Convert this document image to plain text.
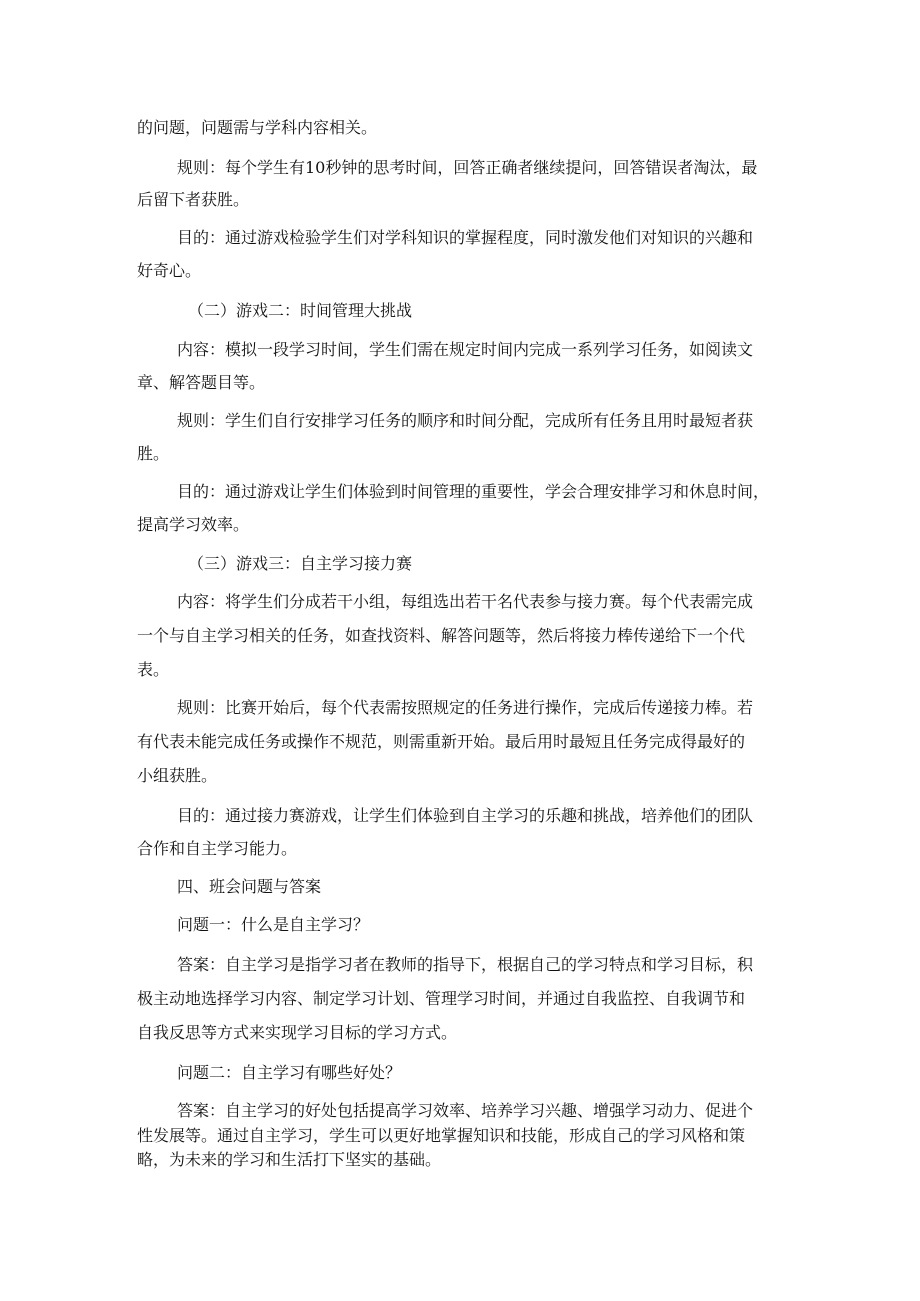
的问题，问题需与学科内容相关。
规则：每个学生有10秒钟的思考时间，回答正确者继续提问，回答错误者淘汰，最
后留下者获胜。
目的：通过游戏检验学生们对学科知识的掌握程度，同时激发他们对知识的兴趣和
好奇心。
（二）游戏二：时间管理大挑战
内容：模拟一段学习时间，学生们需在规定时间内完成一系列学习任务，如阅读文
章、解答题目等。
规则：学生们自行安排学习任务的顺序和时间分配，完成所有任务且用时最短者获
胜。
目的：通过游戏让学生们体验到时间管理的重要性，学会合理安排学习和休息时间，
提高学习效率。
（三）游戏三：自主学习接力赛
内容：将学生们分成若干小组，每组选出若干名代表参与接力赛。每个代表需完成
一个与自主学习相关的任务，如查找资料、解答问题等，然后将接力棒传递给下一个代
表。
规则：比赛开始后，每个代表需按照规定的任务进行操作，完成后传递接力棒。若
有代表未能完成任务或操作不规范，则需重新开始。最后用时最短且任务完成得最好的
小组获胜。
目的：通过接力赛游戏，让学生们体验到自主学习的乐趣和挑战，培养他们的团队
合作和自主学习能力。
四、班会问题与答案
问题一：什么是自主学习？
答案：自主学习是指学习者在教师的指导下，根据自己的学习特点和学习目标，积
极主动地选择学习内容、制定学习计划、管理学习时间，并通过自我监控、自我调节和
自我反思等方式来实现学习目标的学习方式。
问题二：自主学习有哪些好处？
答案：自主学习的好处包括提高学习效率、培养学习兴趣、增强学习动力、促进个
性发展等。通过自主学习，学生可以更好地掌握知识和技能，形成自己的学习风格和策
略，为未来的学习和生活打下坚实的基础。
